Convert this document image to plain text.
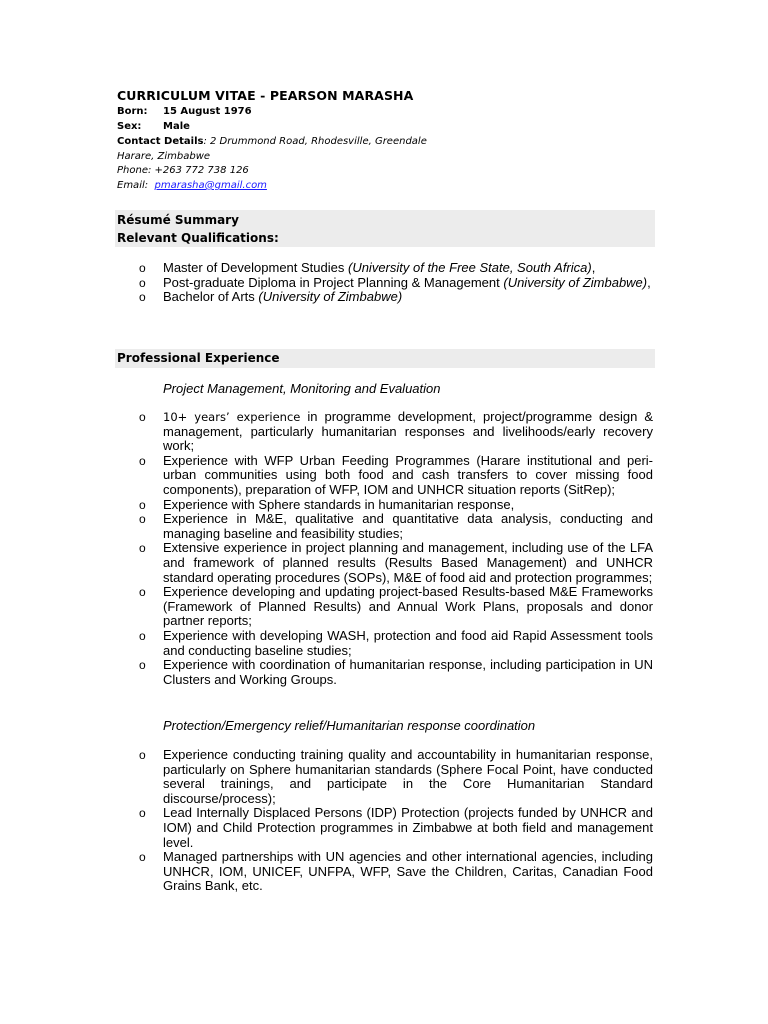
CURRICULUM VITAE - PEARSON MARASHA
Born: 15 August 1976
Sex: Male
Contact Details: 2 Drummond Road, Rhodesville, Greendale
Harare, Zimbabwe
Phone: +263 772 738 126
Email: pmarasha@gmail.com
Résumé Summary
Relevant Qualifications:
o Master of Development Studies (University of the Free State, South Africa),
o Post-graduate Diploma in Project Planning & Management (University of Zimbabwe),
o Bachelor of Arts (University of Zimbabwe)
Professional Experience
Project Management, Monitoring and Evaluation
o 10+ years’ experience in programme development, project/programme design & management, particularly humanitarian responses and livelihoods/early recovery work;
o Experience with WFP Urban Feeding Programmes (Harare institutional and peri-urban communities using both food and cash transfers to cover missing food components), preparation of WFP, IOM and UNHCR situation reports (SitRep);
o Experience with Sphere standards in humanitarian response,
o Experience in M&E, qualitative and quantitative data analysis, conducting and managing baseline and feasibility studies;
o Extensive experience in project planning and management, including use of the LFA and framework of planned results (Results Based Management) and UNHCR standard operating procedures (SOPs), M&E of food aid and protection programmes;
o Experience developing and updating project-based Results-based M&E Frameworks (Framework of Planned Results) and Annual Work Plans, proposals and donor partner reports;
o Experience with developing WASH, protection and food aid Rapid Assessment tools and conducting baseline studies;
o Experience with coordination of humanitarian response, including participation in UN Clusters and Working Groups.
Protection/Emergency relief/Humanitarian response coordination
o Experience conducting training quality and accountability in humanitarian response, particularly on Sphere humanitarian standards (Sphere Focal Point, have conducted several trainings, and participate in the Core Humanitarian Standard discourse/process);
o Lead Internally Displaced Persons (IDP) Protection (projects funded by UNHCR and IOM) and Child Protection programmes in Zimbabwe at both field and management level.
o Managed partnerships with UN agencies and other international agencies, including UNHCR, IOM, UNICEF, UNFPA, WFP, Save the Children, Caritas, Canadian Food Grains Bank, etc.
